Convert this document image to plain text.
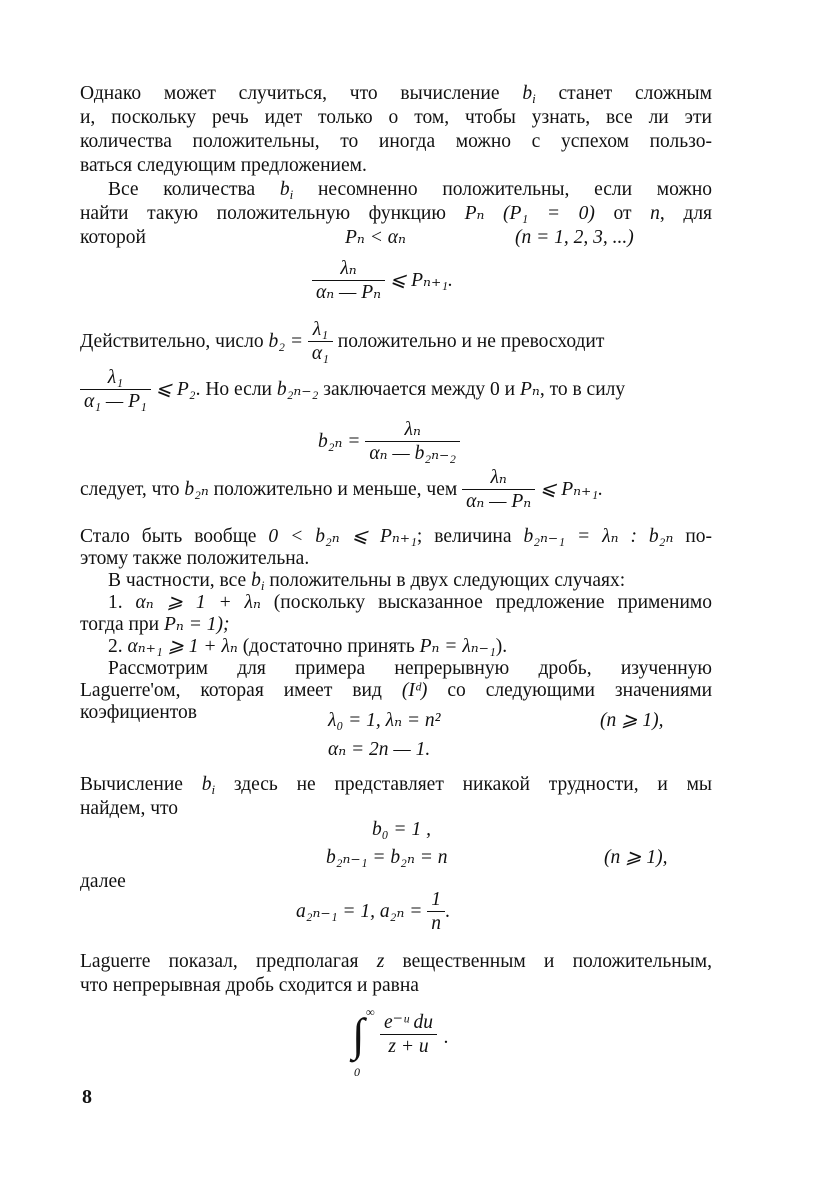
Однако может случиться, что вычисление $b_i$ станет сложным
и, поскольку речь идет только о том, чтобы узнать, все ли эти
количества положительны, то иногда можно с успехом пользо-
ваться следующим предложением.
Все количества $b_i$ несомненно положительны, если можно
найти такую положительную функцию Pₙ (P₁ = 0) от n, для
которой	Pₙ < αₙ	(n = 1, 2, 3, ...)
$\frac{\text{λₙ}}{\text{αₙ — Pₙ}}$ ⩽ Pₙ₊₁.
Действительно, число $b_2 = \frac{\text{λ₁}}{\text{α₁}}$ положительно и не превосходит
$\frac{\text{λ₁}}{\text{α₁ — P₁}}$ ⩽ P₂. Но если b₂ₙ₋₂ заключается между 0 и Pₙ, то в силу
$b_{2n} = \frac{\text{λₙ}}{\text{αₙ — b₂ₙ₋₂}}$
следует, что b₂ₙ положительно и меньше, чем $\frac{\text{λₙ}}{\text{αₙ — Pₙ}}$ ⩽ Pₙ₊₁.
Стало быть вообще 0 < b₂ₙ ⩽ Pₙ₊₁; величина b₂ₙ₋₁ = λₙ : b₂ₙ по-
этому также положительна.
В частности, все $b_i$ положительны в двух следующих случаях:
1. αₙ ⩾ 1 + λₙ (поскольку высказанное предложение применимо
тогда при Pₙ = 1);
2. αₙ₊₁ ⩾ 1 + λₙ (достаточно принять Pₙ = λₙ₋₁).
Рассмотрим для примера непрерывную дробь, изученную
Laguerre'ом, которая имеет вид (Iᵈ) со следующими значениями
коэфициентов	λ₀ = 1, λₙ = n²	(n ⩾ 1),
αₙ = 2n — 1.
Вычисление $b_i$ здесь не представляет никакой трудности, и мы
найдем, что
b₀ = 1 ,
b₂ₙ₋₁ = b₂ₙ = n	(n ⩾ 1),
далее
a₂ₙ₋₁ = 1, $a_{2n} = \frac{1}{n}$ .
Laguerre показал, предполагая z вещественным и положительным,
что непрерывная дробь сходится и равна
∞
∫
0
$\frac{\text{e⁻ᵘ du}}{z + u}$ .
8
